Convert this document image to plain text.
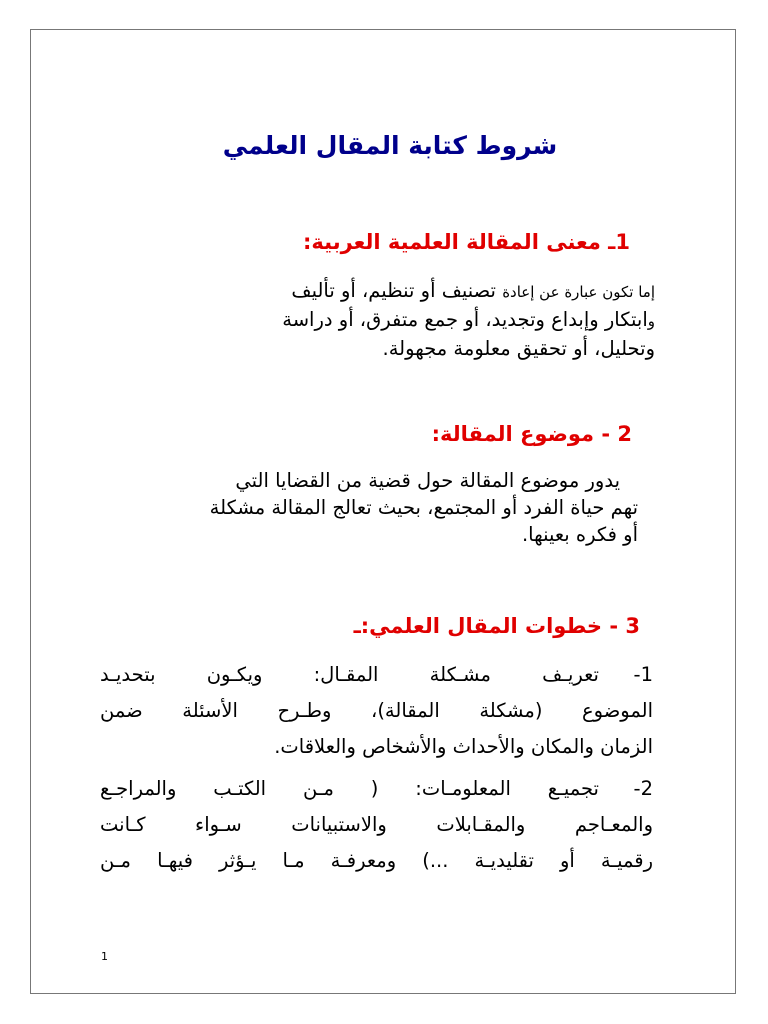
شروط كتابة المقال العلمي
1ـ معنى المقالة العلمية العربية:

إما تكون عبارة عن إعادة تصنيف أو تنظيم، أو تأليف
وابتكار وإبداع وتجديد، أو جمع متفرق، أو دراسة
وتحليل، أو تحقيق معلومة مجهولة.

2 - موضوع المقالة:

يدور موضوع المقالة حول قضية من القضايا التي
تهم حياة الفرد أو المجتمع، بحيث تعالج المقالة مشكلة
أو فكره بعينها.

3 - خطوات المقال العلمي:ـ
1-تعريـف مشـكلة المقـال: ويكـون بتحديـد
الموضوع (مشكلة المقالة)، وطـرح الأسئلة ضمن
الزمان والمكان والأحداث والأشخاص والعلاقات.
2-تجميـع المعلومـات: ( مـن الكتـب والمراجـع
والمعـاجم والمقـابلات والاستبيانات سـواء كـانت
رقميـة أو تقليديـة ...) ومعرفـة مـا يـؤثر فيهـا مـن
1
